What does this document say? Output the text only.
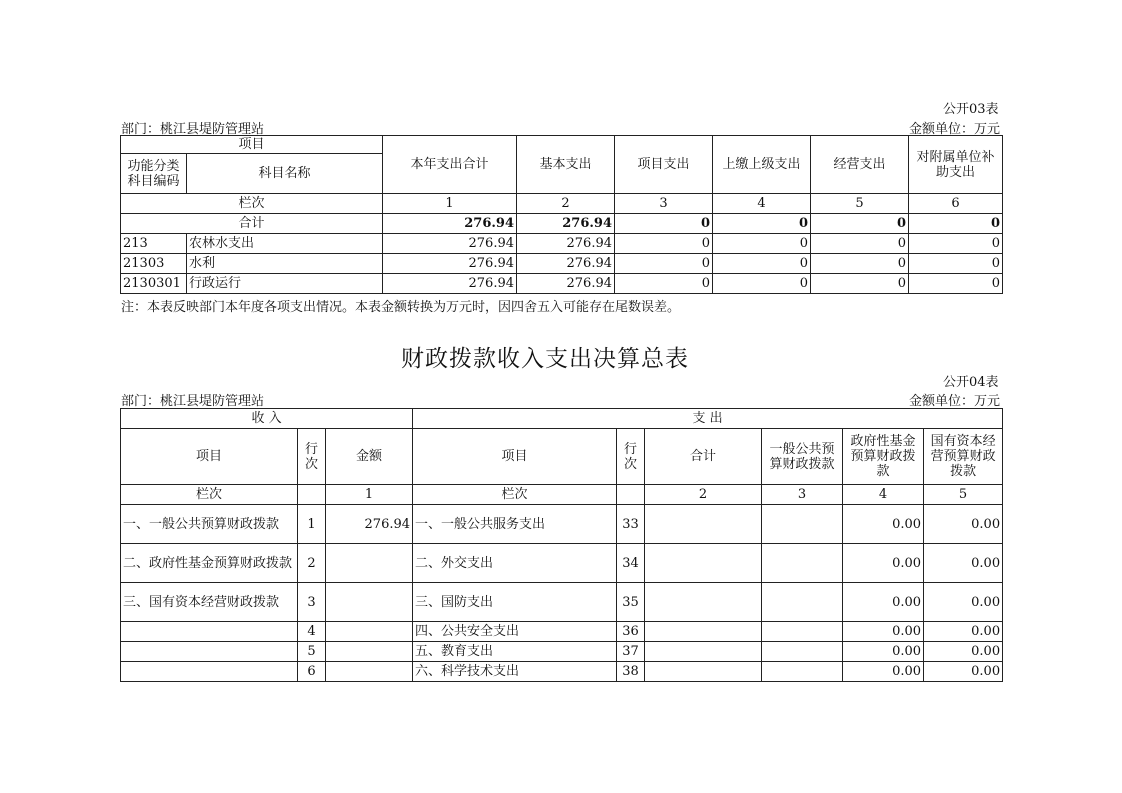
公开03表
部门：桃江县堤防管理站	金额单位：万元
项目		本年支出合计	基本支出	项目支出	上缴上级支出	经营支出	对附属单位补助支出
功能分类科目编码	科目名称						
栏次		1	2	3	4	5	6
合计		276.94	276.94	0	0	0	0
213	农林水支出	276.94	276.94	0	0	0	0
21303	水利	276.94	276.94	0	0	0	0
2130301	行政运行	276.94	276.94	0	0	0	0
注：本表反映部门本年度各项支出情况。本表金额转换为万元时，因四舍五入可能存在尾数误差。
财政拨款收入支出决算总表
公开04表
部门：桃江县堤防管理站	金额单位：万元
收 入			支 出					
项目	行次	金额	项目	行次	合计	一般公共预算财政拨款	政府性基金预算财政拨款	国有资本经营预算财政拨款
栏次		1	栏次		2	3	4	5
一、一般公共预算财政拨款	1	276.94	一、一般公共服务支出	33			0.00	0.00
二、政府性基金预算财政拨款	2		二、外交支出	34			0.00	0.00
三、国有资本经营财政拨款	3		三、国防支出	35			0.00	0.00
	4		四、公共安全支出	36			0.00	0.00
	5		五、教育支出	37			0.00	0.00
	6		六、科学技术支出	38			0.00	0.00
